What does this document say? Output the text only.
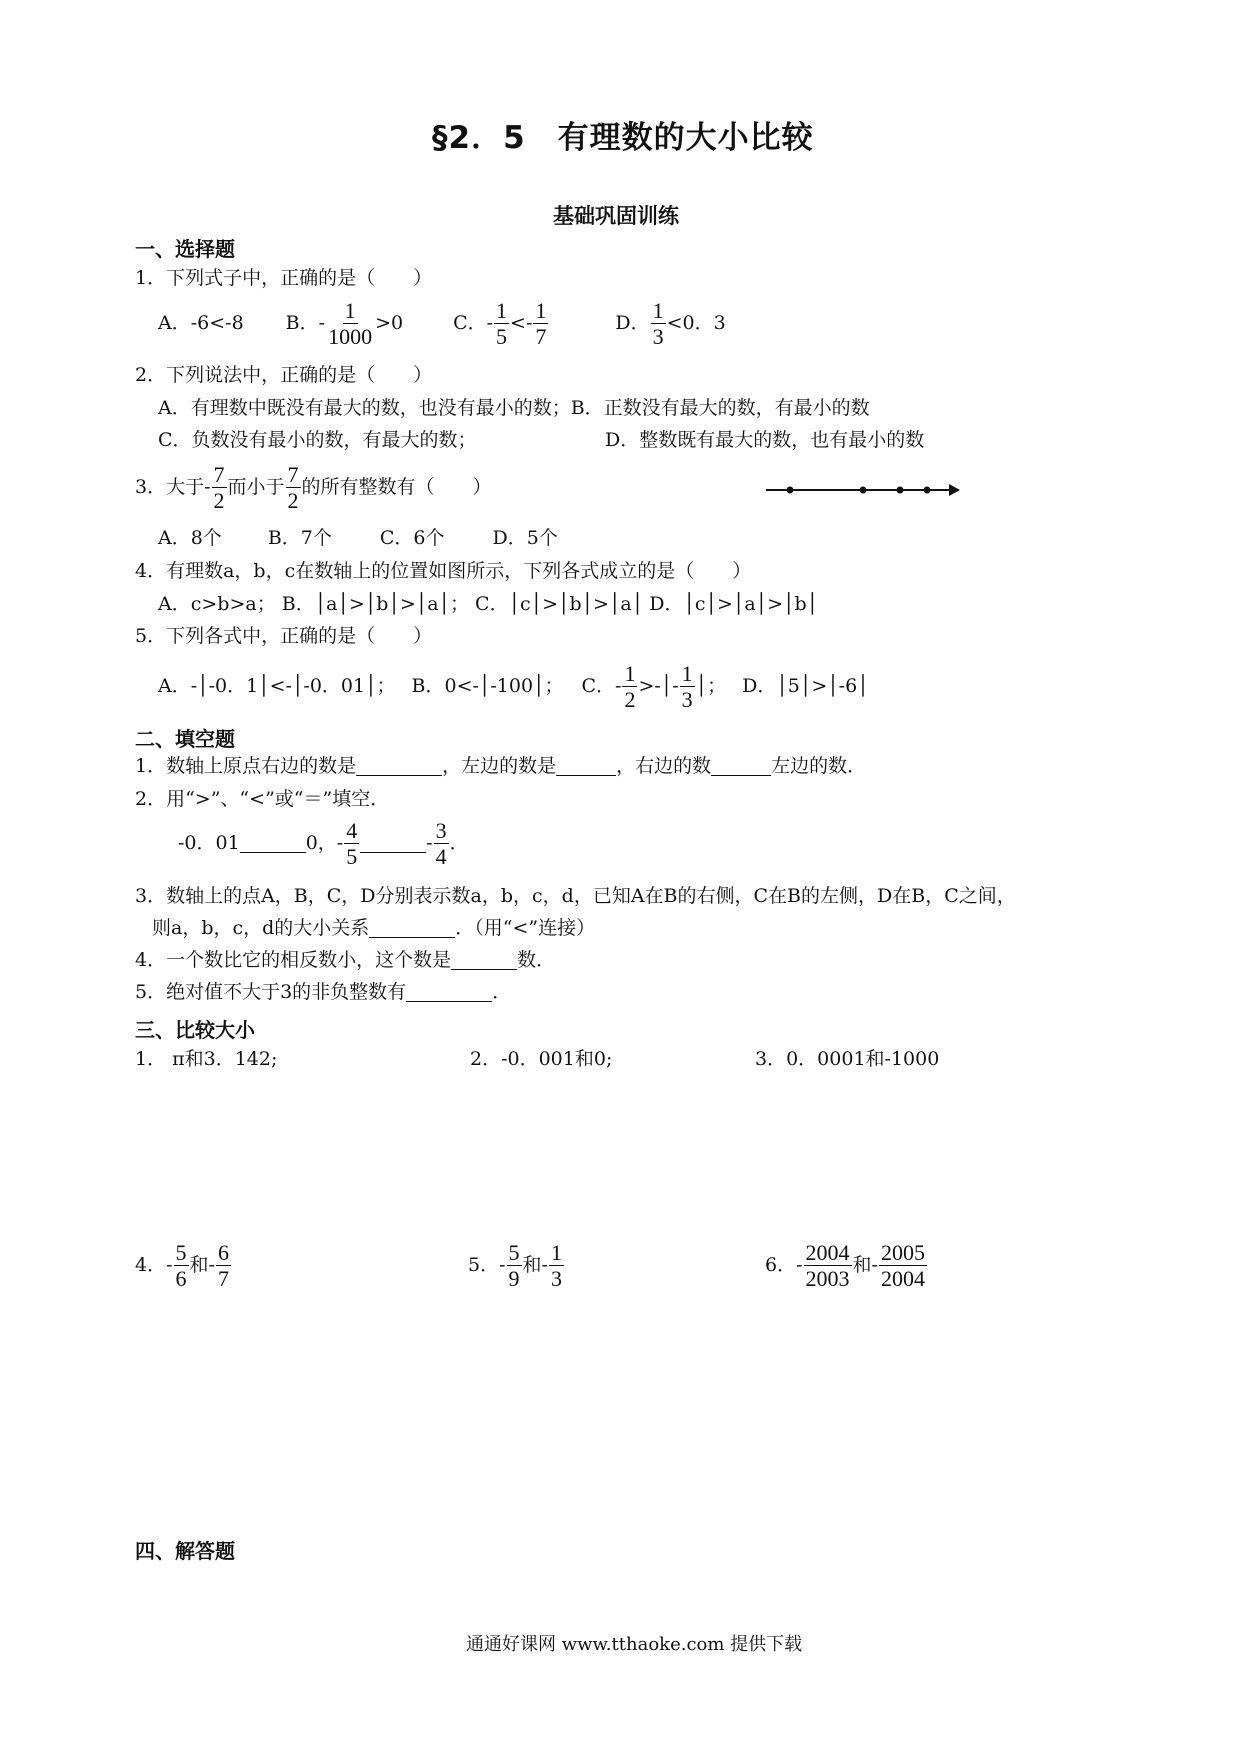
§2．5　有理数的大小比较
基础巩固训练
一、选择题
1．下列式子中，正确的是（　　）
A．-6<-8 B．- $\frac{1}{1000} >0$	C．- $\frac{1}{5} <- \frac{1}{7}$	D． $\frac{1}{3} <0$．3
2．下列说法中，正确的是（　　）
A．有理数中既没有最大的数，也没有最小的数；B．正数没有最大的数，有最小的数
C．负数没有最小的数，有最大的数；	D．整数既有最大的数，也有最小的数
3．大于- $\frac{7}{2}$ 而小于 $\frac{7}{2}$ 的所有整数有（　　）
A．8个 B．7个	C．6个	D．5个
4．有理数a，b，c在数轴上的位置如图所示，下列各式成立的是（　　）
A．c>b>a； B．│a│>│b│>│a│； C．│c│>│b│>│a│ D．│c│>│a│>│b│
5．下列各式中，正确的是（　　）
A．-│-0．1│<-│-0．01│； B．0<-│-100│； C．- $\frac{1}{2}$ >-│- $\frac{1}{3}$ │； D．│5│>│-6│
二、填空题
1．数轴上原点右边的数是	，左边的数是	，右边的数	左边的数．
2．用“>”、“<”或“＝”填空．
-0．01	0，- $\frac{4}{5}$	- $\frac{3}{4}$ ．
3．数轴上的点A，B，C，D分别表示数a，b，c，d，已知A在B的右侧，C在B的左侧，D在B，C之间，
则a，b，c，d的大小关系	．（用“<”连接）
4．一个数比它的相反数小，这个数是	数．
5．绝对值不大于3的非负整数有	．
三、比较大小
1． π和3．142;	2．-0．001和0;	3．0．0001和-1000
4．- $\frac{5}{6}$ 和- $\frac{6}{7}$	5．- $\frac{5}{9}$ 和- $\frac{1}{3}$	6．- $\frac{2004}{2003}$ 和- $\frac{2005}{2004}$
四、解答题
通通好课网 www.tthaoke.com 提供下载
